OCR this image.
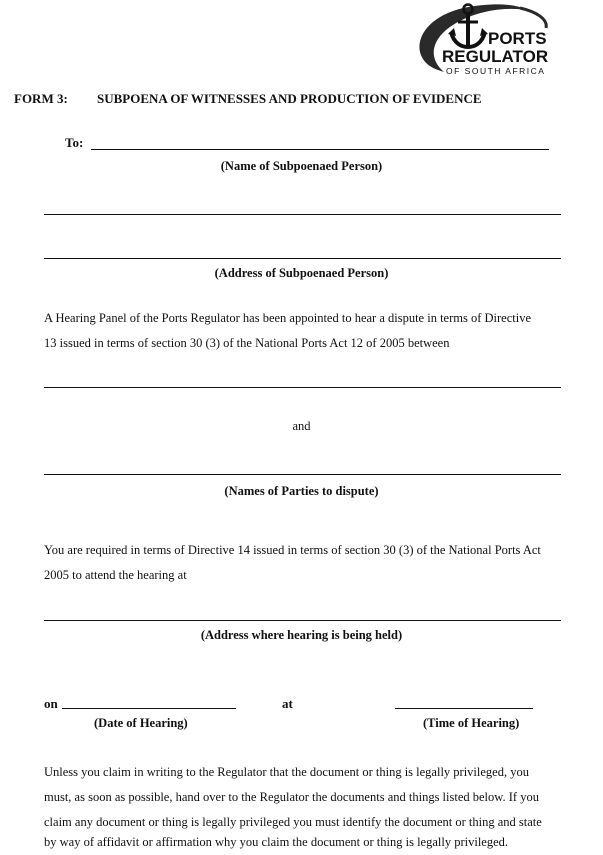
PORTS
REGULATOR
OF SOUTH AFRICA
FORM 3: SUBPOENA OF WITNESSES AND PRODUCTION OF EVIDENCE
To:
(Name of Subpoenaed Person)
(Address of Subpoenaed Person)
A Hearing Panel of the Ports Regulator has been appointed to hear a dispute in terms of Directive
13 issued in terms of section 30 (3) of the National Ports Act 12 of 2005 between
and
(Names of Parties to dispute)
You are required in terms of Directive 14 issued in terms of section 30 (3) of the National Ports Act
2005 to attend the hearing at
(Address where hearing is being held)
on	at
(Date of Hearing)	(Time of Hearing)
Unless you claim in writing to the Regulator that the document or thing is legally privileged, you
must, as soon as possible, hand over to the Regulator the documents and things listed below. If you
claim any document or thing is legally privileged you must identify the document or thing and state
by way of affidavit or affirmation why you claim the document or thing is legally privileged.
